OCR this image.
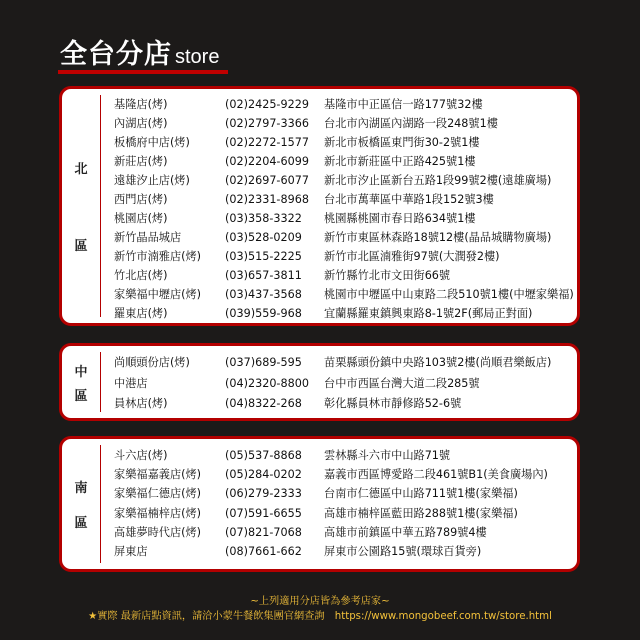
全台分店 store
北
區
基隆店(烤)	(02)2425-9229 基隆市中正區信一路177號32樓
內湖店(烤)	(02)2797-3366 台北市內湖區內湖路一段248號1樓
板橋府中店(烤)	(02)2272-1577 新北市板橋區東門街30-2號1樓
新莊店(烤)	(02)2204-6099 新北市新莊區中正路425號1樓
遠雄汐止店(烤)	(02)2697-6077 新北市汐止區新台五路1段99號2樓(遠雄廣場)
西門店(烤)	(02)2331-8968 台北市萬華區中華路1段152號3樓
桃園店(烤)	(03)358-3322 桃園縣桃園市春日路634號1樓
新竹晶品城店	(03)528-0209 新竹市東區林森路18號12樓(晶品城購物廣場)
新竹市湳雅店(烤) (03)515-2225 新竹市北區湳雅街97號(大潤發2樓)
竹北店(烤)	(03)657-3811 新竹縣竹北市文田街66號
家樂福中壢店(烤) (03)437-3568 桃園市中壢區中山東路二段510號1樓(中壢家樂福)
羅東店(烤)	(039)559-968 宜蘭縣羅東鎮興東路8-1號2F(郵局正對面)
中
區
尚順頭份店(烤)	(037)689-595 苗栗縣頭份鎮中央路103號2樓(尚順君樂飯店)
中港店	(04)2320-8800 台中市西區台灣大道二段285號
員林店(烤)	(04)8322-268 彰化縣員林市靜修路52-6號
南
區
斗六店(烤)	(05)537-8868 雲林縣斗六市中山路71號
家樂福嘉義店(烤) (05)284-0202 嘉義市西區博愛路二段461號B1(美食廣場內)
家樂福仁德店(烤) (06)279-2333 台南市仁德區中山路711號1樓(家樂福)
家樂福楠梓店(烤) (07)591-6655 高雄市楠梓區藍田路288號1樓(家樂福)
高雄夢時代店(烤) (07)821-7068 高雄市前鎮區中華五路789號4樓
屏東店	(08)7661-662 屏東市公園路15號(環球百貨旁)
~上列適用分店皆為參考店家~
★實際 最新店點資訊，請洽小蒙牛餐飲集團官網查詢　https://www.mongobeef.com.tw/store.html
